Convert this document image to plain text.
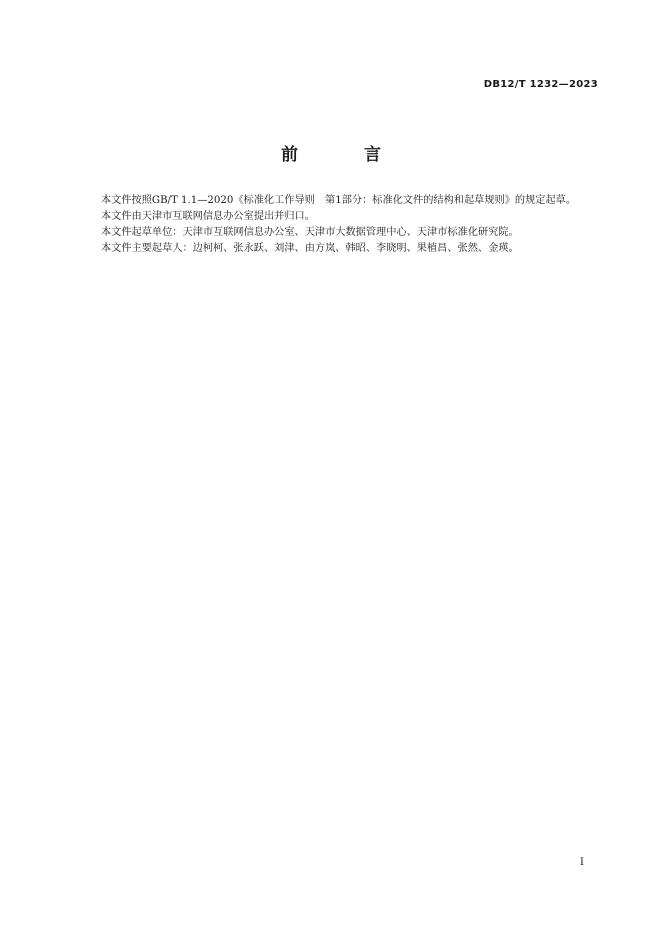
DB12/T 1232—2023
前 言

本文件按照GB/T 1.1—2020《标准化工作导则　第1部分：标准化文件的结构和起草规则》的规定起草。

本文件由天津市互联网信息办公室提出并归口。

本文件起草单位：天津市互联网信息办公室、天津市大数据管理中心、天津市标准化研究院。

本文件主要起草人：边柯柯、张永跃、刘津、由方岚、韩昭、李晓明、果植昌、张然、金瑛。

I
